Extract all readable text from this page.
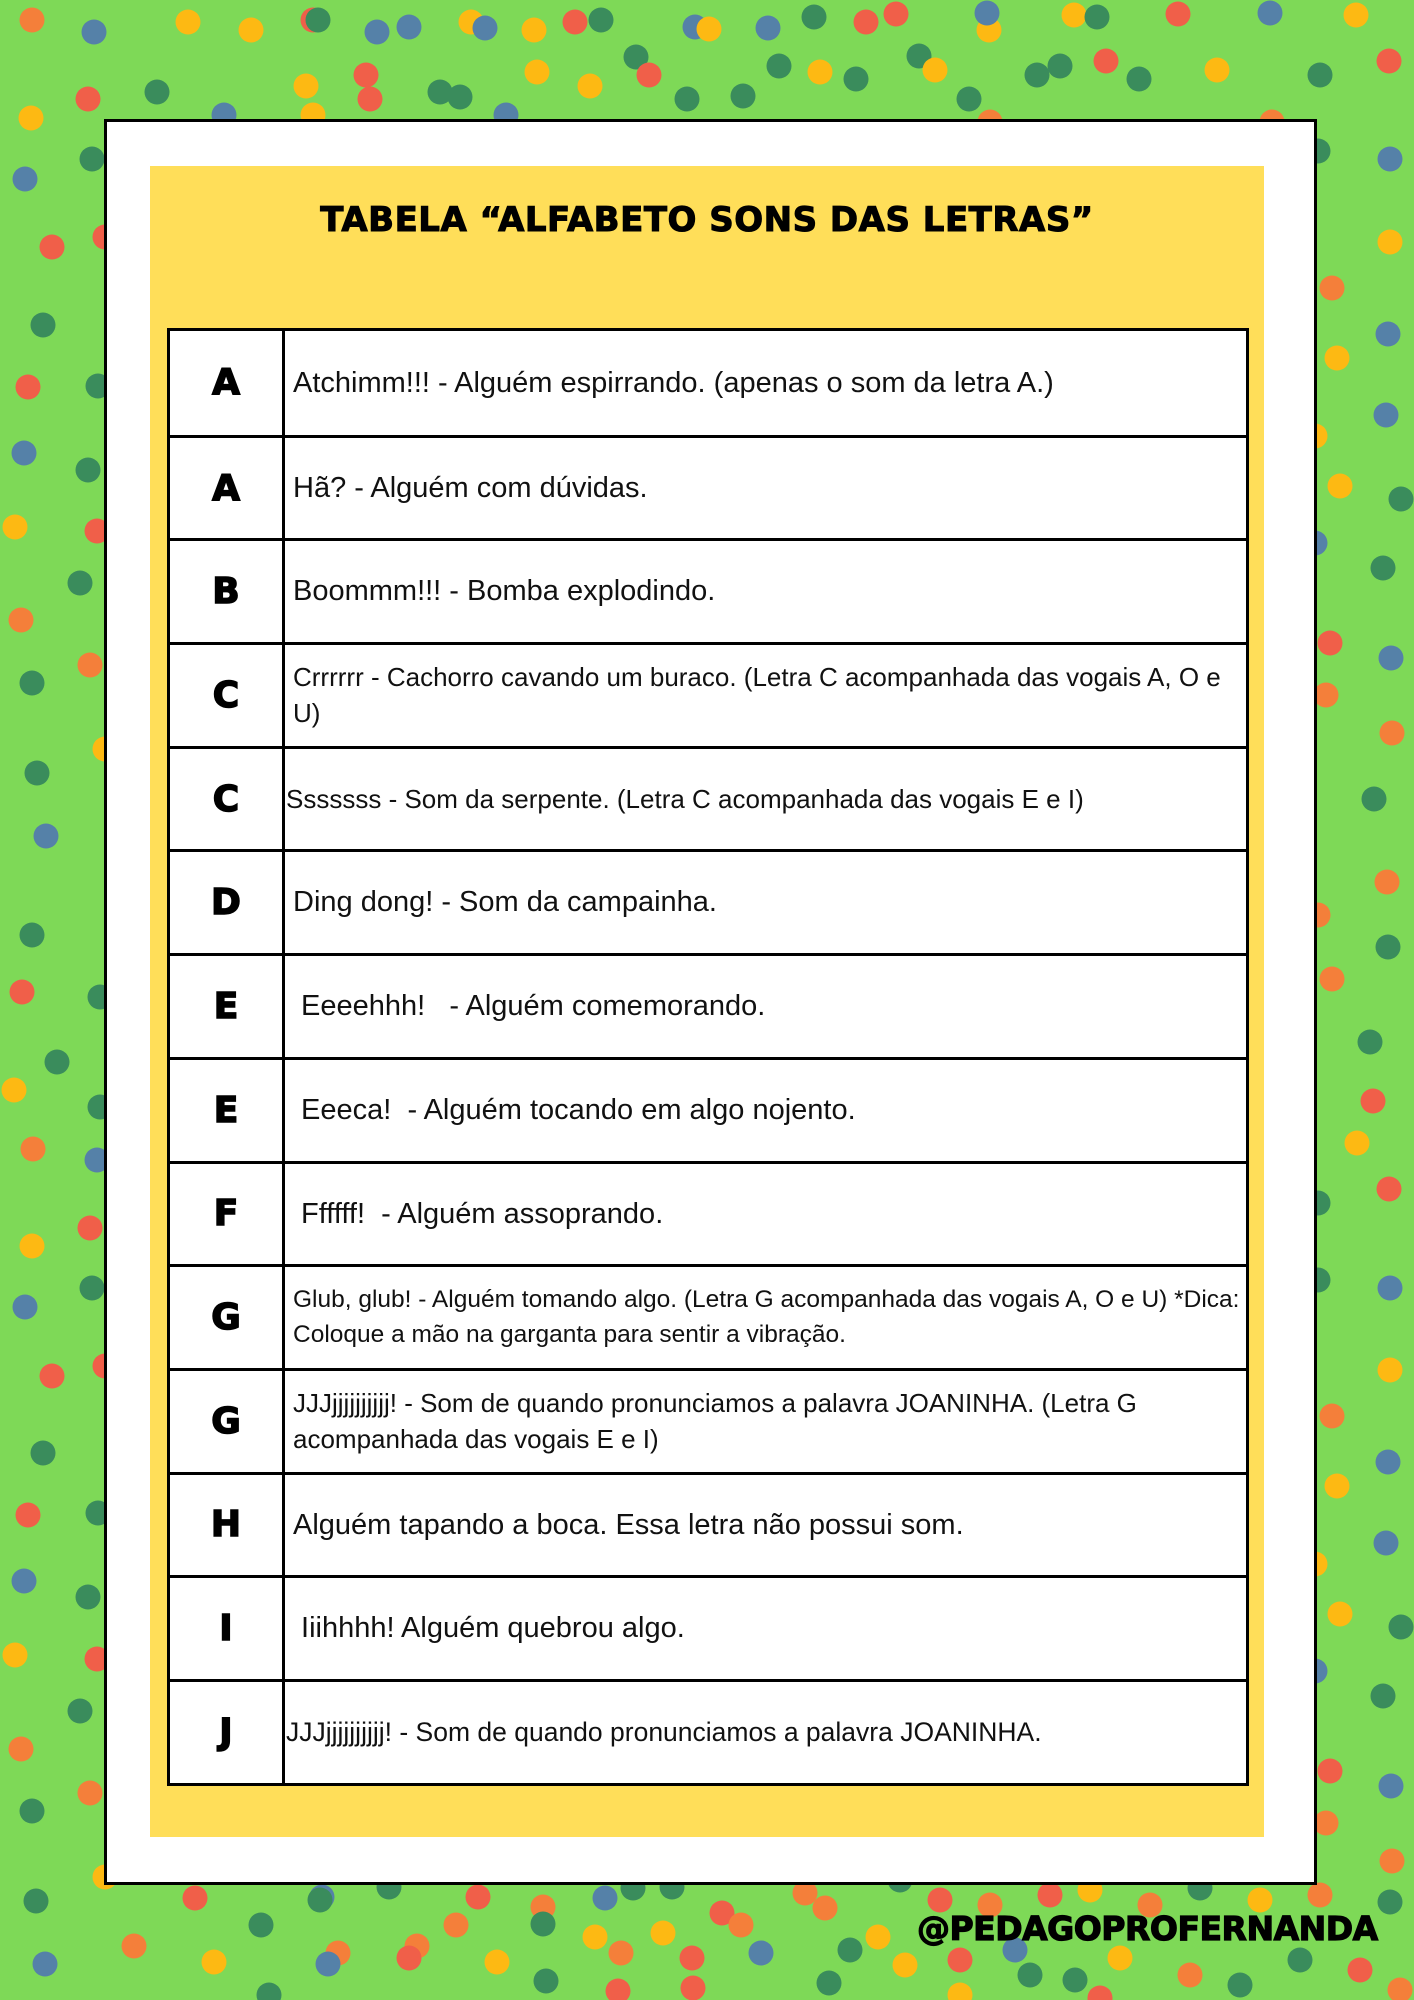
TABELA “ALFABETO SONS DAS LETRAS”
A	Atchimm!!! - Alguém espirrando. (apenas o som da letra A.)
A	Hã? - Alguém com dúvidas.
B	Boommm!!! - Bomba explodindo.
C	Crrrrrr - Cachorro cavando um buraco. (Letra C acompanhada das vogais A, O e U)
C	Sssssss - Som da serpente. (Letra C acompanhada das vogais E e I)
D	Ding dong! - Som da campainha.
E	Eeeehhh!   - Alguém comemorando.
E	Eeeca!  - Alguém tocando em algo nojento.
F	Ffffff!  - Alguém assoprando.
G	Glub, glub! - Alguém tomando algo. (Letra G acompanhada das vogais A, O e U) *Dica: Coloque a mão na garganta para sentir a vibração.
G	JJJjjjjjjjjjj! - Som de quando pronunciamos a palavra JOANINHA. (Letra G acompanhada das vogais E e I)
H	Alguém tapando a boca. Essa letra não possui som.
I	Iiihhhh! Alguém quebrou algo.
J	JJJjjjjjjjjjj! - Som de quando pronunciamos a palavra JOANINHA.
@PEDAGOPROFERNANDA
